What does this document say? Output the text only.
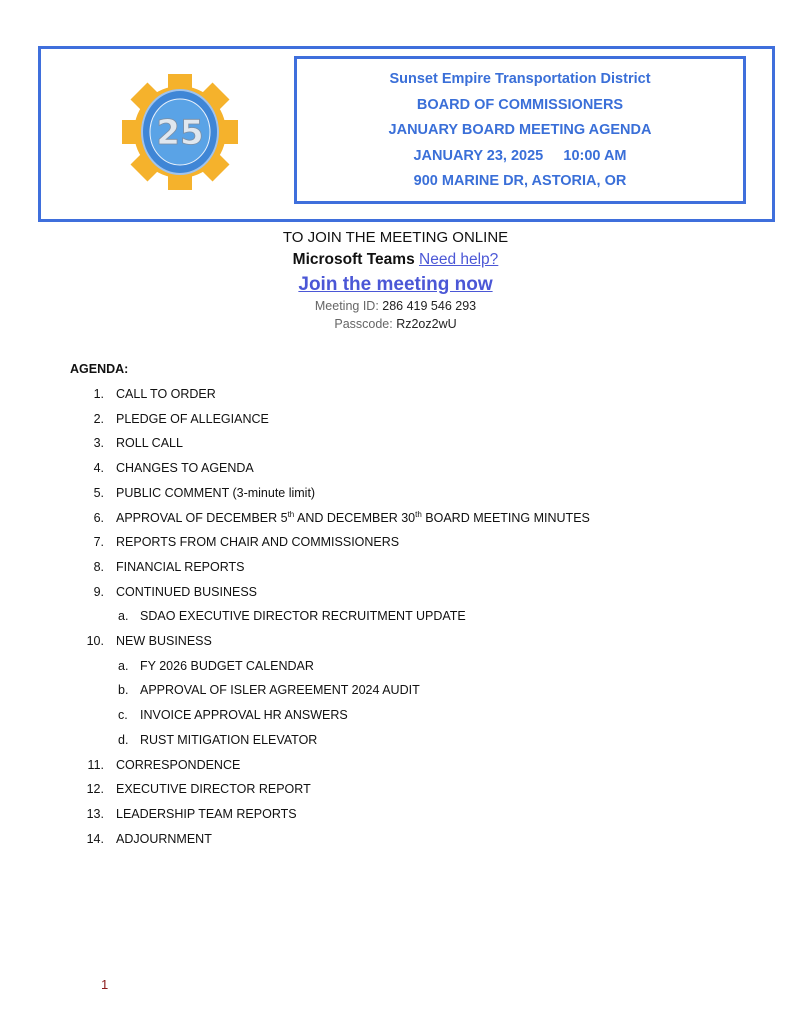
25
Sunset Empire Transportation District
BOARD OF COMMISSIONERS
JANUARY BOARD MEETING AGENDA
JANUARY 23, 2025     10:00 AM
900 MARINE DR, ASTORIA, OR
TO JOIN THE MEETING ONLINE
Microsoft Teams Need help?
Join the meeting now
Meeting ID: 286 419 546 293
Passcode: Rz2oz2wU
AGENDA:
1. CALL TO ORDER
2. PLEDGE OF ALLEGIANCE
3. ROLL CALL
4. CHANGES TO AGENDA
5. PUBLIC COMMENT (3-minute limit)
6. APPROVAL OF DECEMBER 5th AND DECEMBER 30th BOARD MEETING MINUTES
7. REPORTS FROM CHAIR AND COMMISSIONERS
8. FINANCIAL REPORTS
9. CONTINUED BUSINESS
a. SDAO EXECUTIVE DIRECTOR RECRUITMENT UPDATE
10. NEW BUSINESS
a. FY 2026 BUDGET CALENDAR
b. APPROVAL OF ISLER AGREEMENT 2024 AUDIT
c. INVOICE APPROVAL HR ANSWERS
d. RUST MITIGATION ELEVATOR
11. CORRESPONDENCE
12. EXECUTIVE DIRECTOR REPORT
13. LEADERSHIP TEAM REPORTS
14. ADJOURNMENT
1
